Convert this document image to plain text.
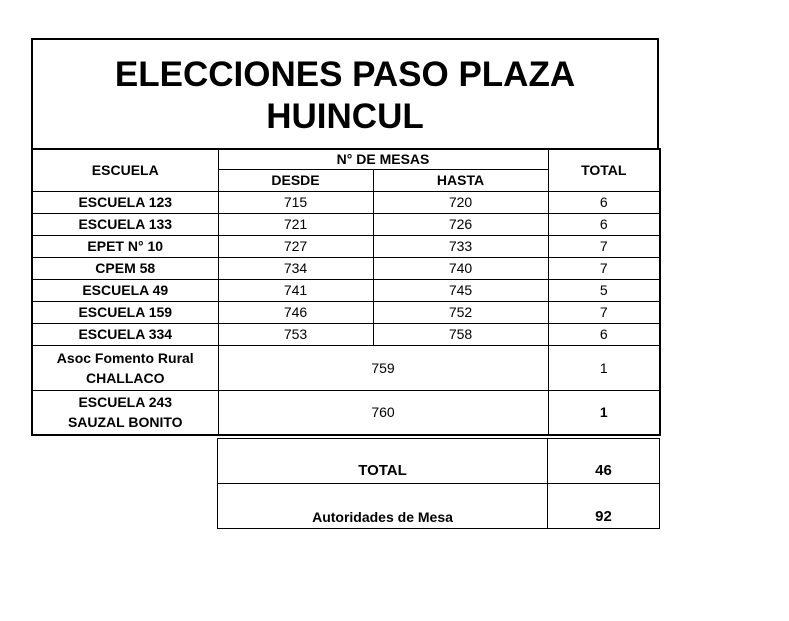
ELECCIONES PASO PLAZA
HUINCUL
ESCUELA	N° DE MESAS		TOTAL
	DESDE	HASTA	
ESCUELA 123	715	720	6
ESCUELA 133	721	726	6
EPET N° 10	727	733	7
CPEM 58	734	740	7
ESCUELA 49	741	745	5
ESCUELA 159	746	752	7
ESCUELA 334	753	758	6

Asoc Fomento Rural
CHALLACO	759		1

ESCUELA 243
SAUZAL BONITO	760		1
TOTAL	46
Autoridades de Mesa	92
